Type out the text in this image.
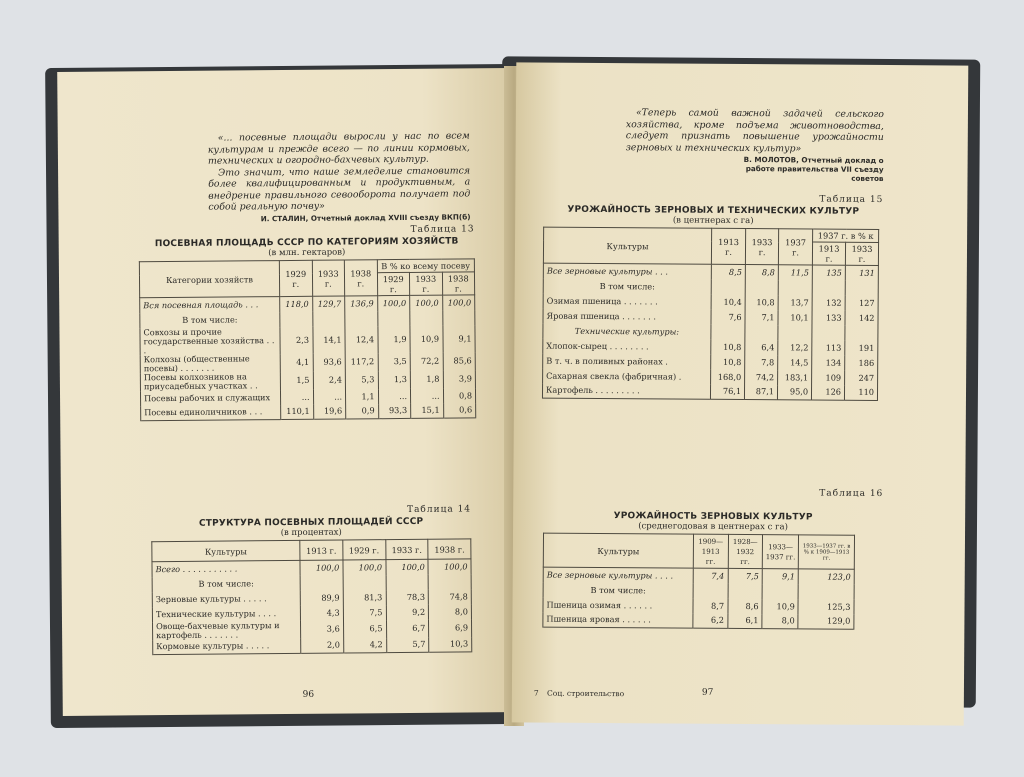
«... посевные площади выросли у нас по всем культурам и прежде всего — по линии кормовых, технических и огородно-бахчевых культур.

Это значит, что наше земледелие становится более квалифицированным и продуктивным, а внедрение правильного севооборота получает под собой реальную почву»

И. СТАЛИН, Отчетный доклад XVIII съезду ВКП(б)
Таблица 13
ПОСЕВНАЯ ПЛОЩАДЬ СССР ПО КАТЕГОРИЯМ ХОЗЯЙСТВ
(в млн. гектаров)
Категории хозяйств	1929 г.	1933 г.	1938 г.	В % ко всему посеву		
				1929 г.	1933 г.	1938 г.
Вся посевная площадь . . .	118,0	129,7	136,9	100,0	100,0	100,0
В том числе:						
Совхозы и прочие государственные хозяйства . . .	2,3	14,1	12,4	1,9	10,9	9,1
Колхозы (общественные посевы) . . . . . . .	4,1	93,6	117,2	3,5	72,2	85,6
Посевы колхозников на приусадебных участках . .	1,5	2,4	5,3	1,3	1,8	3,9
Посевы рабочих и служащих	...	...	1,1	...	...	0,8
Посевы единоличников . . .	110,1	19,6	0,9	93,3	15,1	0,6
Таблица 14
СТРУКТУРА ПОСЕВНЫХ ПЛОЩАДЕЙ СССР
(в процентах)
Культуры	1913 г.	1929 г.	1933 г.	1938 г.
Всего . . . . . . . . . . .	100,0	100,0	100,0	100,0
В том числе:				
Зерновые культуры . . . . .	89,9	81,3	78,3	74,8
Технические культуры . . . .	4,3	7,5	9,2	8,0
Овоще-бахчевые культуры и картофель . . . . . . .	3,6	6,5	6,7	6,9
Кормовые культуры . . . . .	2,0	4,2	5,7	10,3
96
«Теперь самой важной задачей сельского хозяйства, кроме подъема животноводства, следует признать повышение урожайности зерновых и технических культур»
В. МОЛОТОВ, Отчетный доклад о работе правительства VII съезду советов
Таблица 15
УРОЖАЙНОСТЬ ЗЕРНОВЫХ И ТЕХНИЧЕСКИХ КУЛЬТУР
(в центнерах с га)
Культуры	1913 г.	1933 г.	1937 г.	1937 г. в % к	
				1913 г.	1933 г.
Все зерновые культуры . . .	8,5	8,8	11,5	135	131
В том числе:					
Озимая пшеница . . . . . . .	10,4	10,8	13,7	132	127
Яровая пшеница . . . . . . .	7,6	7,1	10,1	133	142
Технические культуры:					
Хлопок-сырец . . . . . . . .	10,8	6,4	12,2	113	191
В т. ч. в поливных районах .	10,8	7,8	14,5	134	186
Сахарная свекла (фабричная) .	168,0	74,2	183,1	109	247
Картофель . . . . . . . . .	76,1	87,1	95,0	126	110
Таблица 16
УРОЖАЙНОСТЬ ЗЕРНОВЫХ КУЛЬТУР
(среднегодовая в центнерах с га)
Культуры	1909—1913 гг.	1928—1932 гг.	1933—1937 гг.	1933—1937 гг. в % к 1909—1913 гг.
Все зерновые культуры . . . .	7,4	7,5	9,1	123,0
В том числе:				
Пшеница озимая . . . . . .	8,7	8,6	10,9	125,3
Пшеница яровая . . . . . .	6,2	6,1	8,0	129,0
7 Соц. строительство	97
